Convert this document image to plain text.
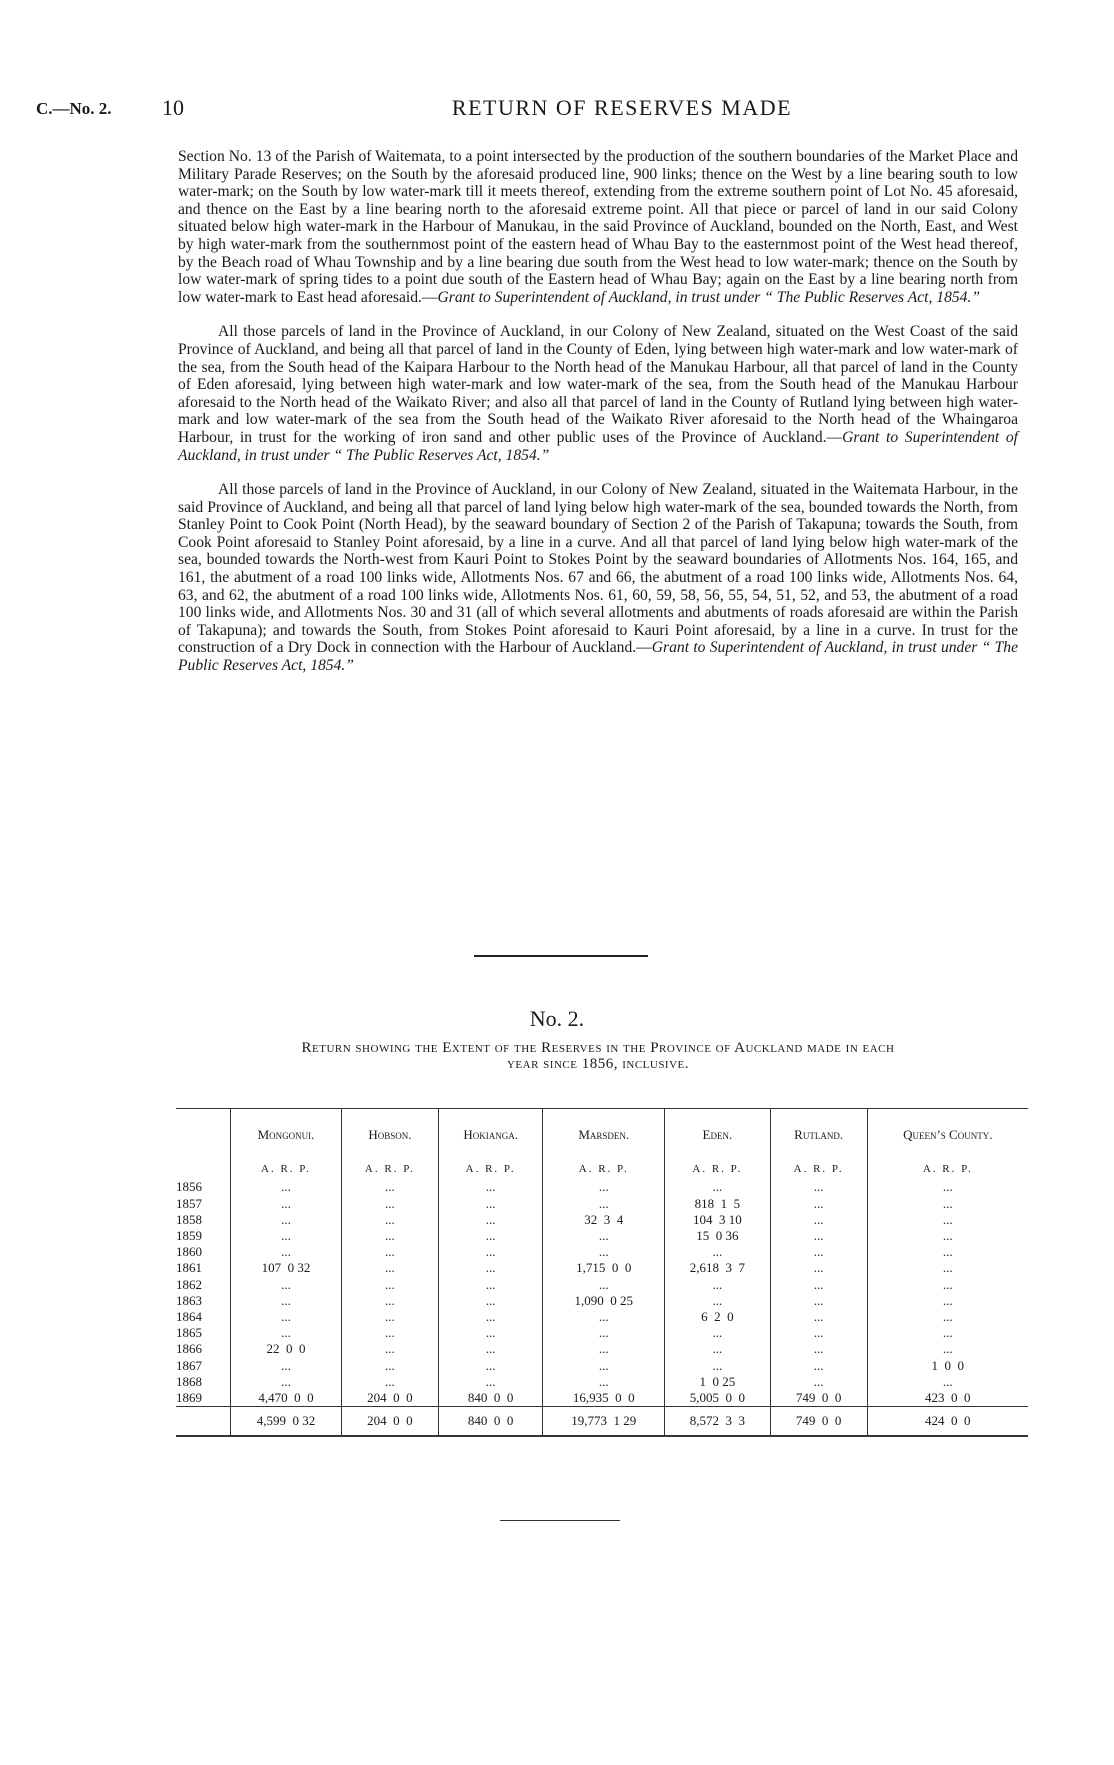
C.—No. 2. 10	RETURN OF RESERVES MADE

Section No. 13 of the Parish of Waitemata, to a point intersected by the production of the southern boundaries of the Market Place and Military Parade Reserves; on the South by the aforesaid produced line, 900 links; thence on the West by a line bearing south to low water-mark; on the South by low water-mark till it meets thereof, extending from the extreme southern point of Lot No. 45 aforesaid, and thence on the East by a line bearing north to the aforesaid extreme point. All that piece or parcel of land in our said Colony situated below high water-mark in the Harbour of Manukau, in the said Province of Auckland, bounded on the North, East, and West by high water-mark from the southernmost point of the eastern head of Whau Bay to the easternmost point of the West head thereof, by the Beach road of Whau Township and by a line bearing due south from the West head to low water-mark; thence on the South by low water-mark of spring tides to a point due south of the Eastern head of Whau Bay; again on the East by a line bearing north from low water-mark to East head aforesaid.—Grant to Superintendent of Auckland, in trust under “ The Public Reserves Act, 1854.”

All those parcels of land in the Province of Auckland, in our Colony of New Zealand, situated on the West Coast of the said Province of Auckland, and being all that parcel of land in the County of Eden, lying between high water-mark and low water-mark of the sea, from the South head of the Kaipara Harbour to the North head of the Manukau Harbour, all that parcel of land in the County of Eden aforesaid, lying between high water-mark and low water-mark of the sea, from the South head of the Manukau Harbour aforesaid to the North head of the Waikato River; and also all that parcel of land in the County of Rutland lying between high water-mark and low water-mark of the sea from the South head of the Waikato River aforesaid to the North head of the Whaingaroa Harbour, in trust for the working of iron sand and other public uses of the Province of Auckland.—Grant to Superintendent of Auckland, in trust under “ The Public Reserves Act, 1854.”

All those parcels of land in the Province of Auckland, in our Colony of New Zealand, situated in the Waitemata Harbour, in the said Province of Auckland, and being all that parcel of land lying below high water-mark of the sea, bounded towards the North, from Stanley Point to Cook Point (North Head), by the seaward boundary of Section 2 of the Parish of Takapuna; towards the South, from Cook Point aforesaid to Stanley Point aforesaid, by a line in a curve. And all that parcel of land lying below high water-mark of the sea, bounded towards the North-west from Kauri Point to Stokes Point by the seaward boundaries of Allotments Nos. 164, 165, and 161, the abutment of a road 100 links wide, Allotments Nos. 67 and 66, the abutment of a road 100 links wide, Allotments Nos. 64, 63, and 62, the abutment of a road 100 links wide, Allotments Nos. 61, 60, 59, 58, 56, 55, 54, 51, 52, and 53, the abutment of a road 100 links wide, and Allotments Nos. 30 and 31 (all of which several allotments and abutments of roads aforesaid are within the Parish of Takapuna); and towards the South, from Stokes Point aforesaid to Kauri Point aforesaid, by a line in a curve. In trust for the construction of a Dry Dock in connection with the Harbour of Auckland.—Grant to Superintendent of Auckland, in trust under “ The Public Reserves Act, 1854.”

No. 2.
Return showing the Extent of the Reserves in the Province of Auckland made in each
year since 1856, inclusive.
	Mongonui.	Hobson.	Hokianga.	Marsden.	Eden.	Rutland.	Queen’s County.
	A. R. P.	A. R. P.	A. R. P.	A. R. P.	A. R. P.	A. R. P.	A. R. P.
1856	...	...	...	...	...	...	...
1857	...	...	...	...	818  1  5	...	...
1858	...	...	...	32  3  4	104  3 10	...	...
1859	...	...	...	...	15  0 36	...	...
1860	...	...	...	...	...	...	...
1861	107  0 32	...	...	1,715  0  0	2,618  3  7	...	...
1862	...	...	...	...	...	...	...
1863	...	...	...	1,090  0 25	...	...	...
1864	...	...	...	...	6  2  0	...	...
1865	...	...	...	...	...	...	...
1866	22  0  0	...	...	...	...	...	...
1867	...	...	...	...	...	...	1  0  0
1868	...	...	...	...	1  0 25	...	...
1869	4,470  0  0	204  0  0	840  0  0	16,935  0  0	5,005  0  0	749  0  0	423  0  0
	4,599  0 32	204  0  0	840  0  0	19,773  1 29	8,572  3  3	749  0  0	424  0  0
